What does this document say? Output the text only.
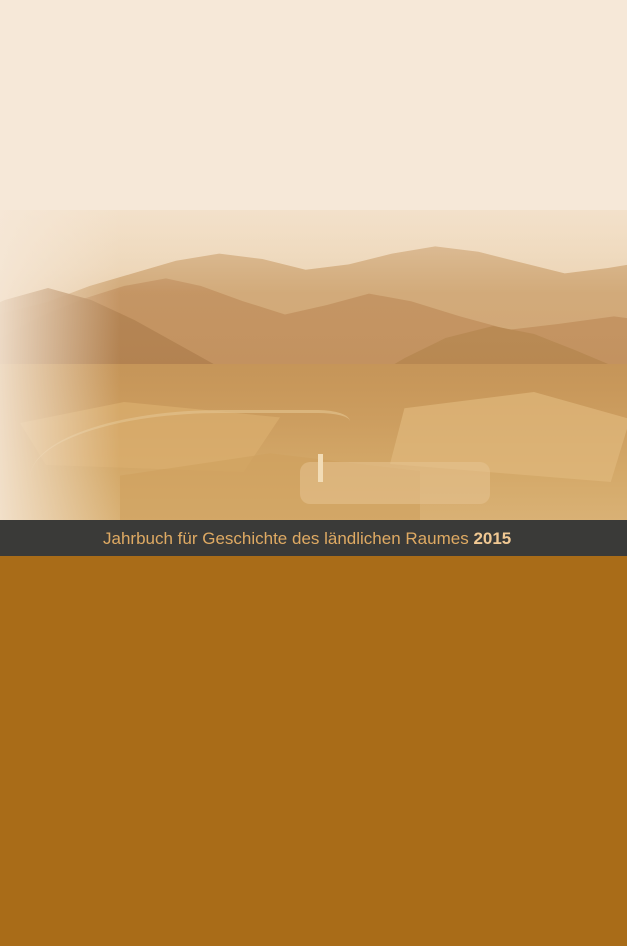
Jahrbuch für Geschichte des ländlichen Raumes 2015
